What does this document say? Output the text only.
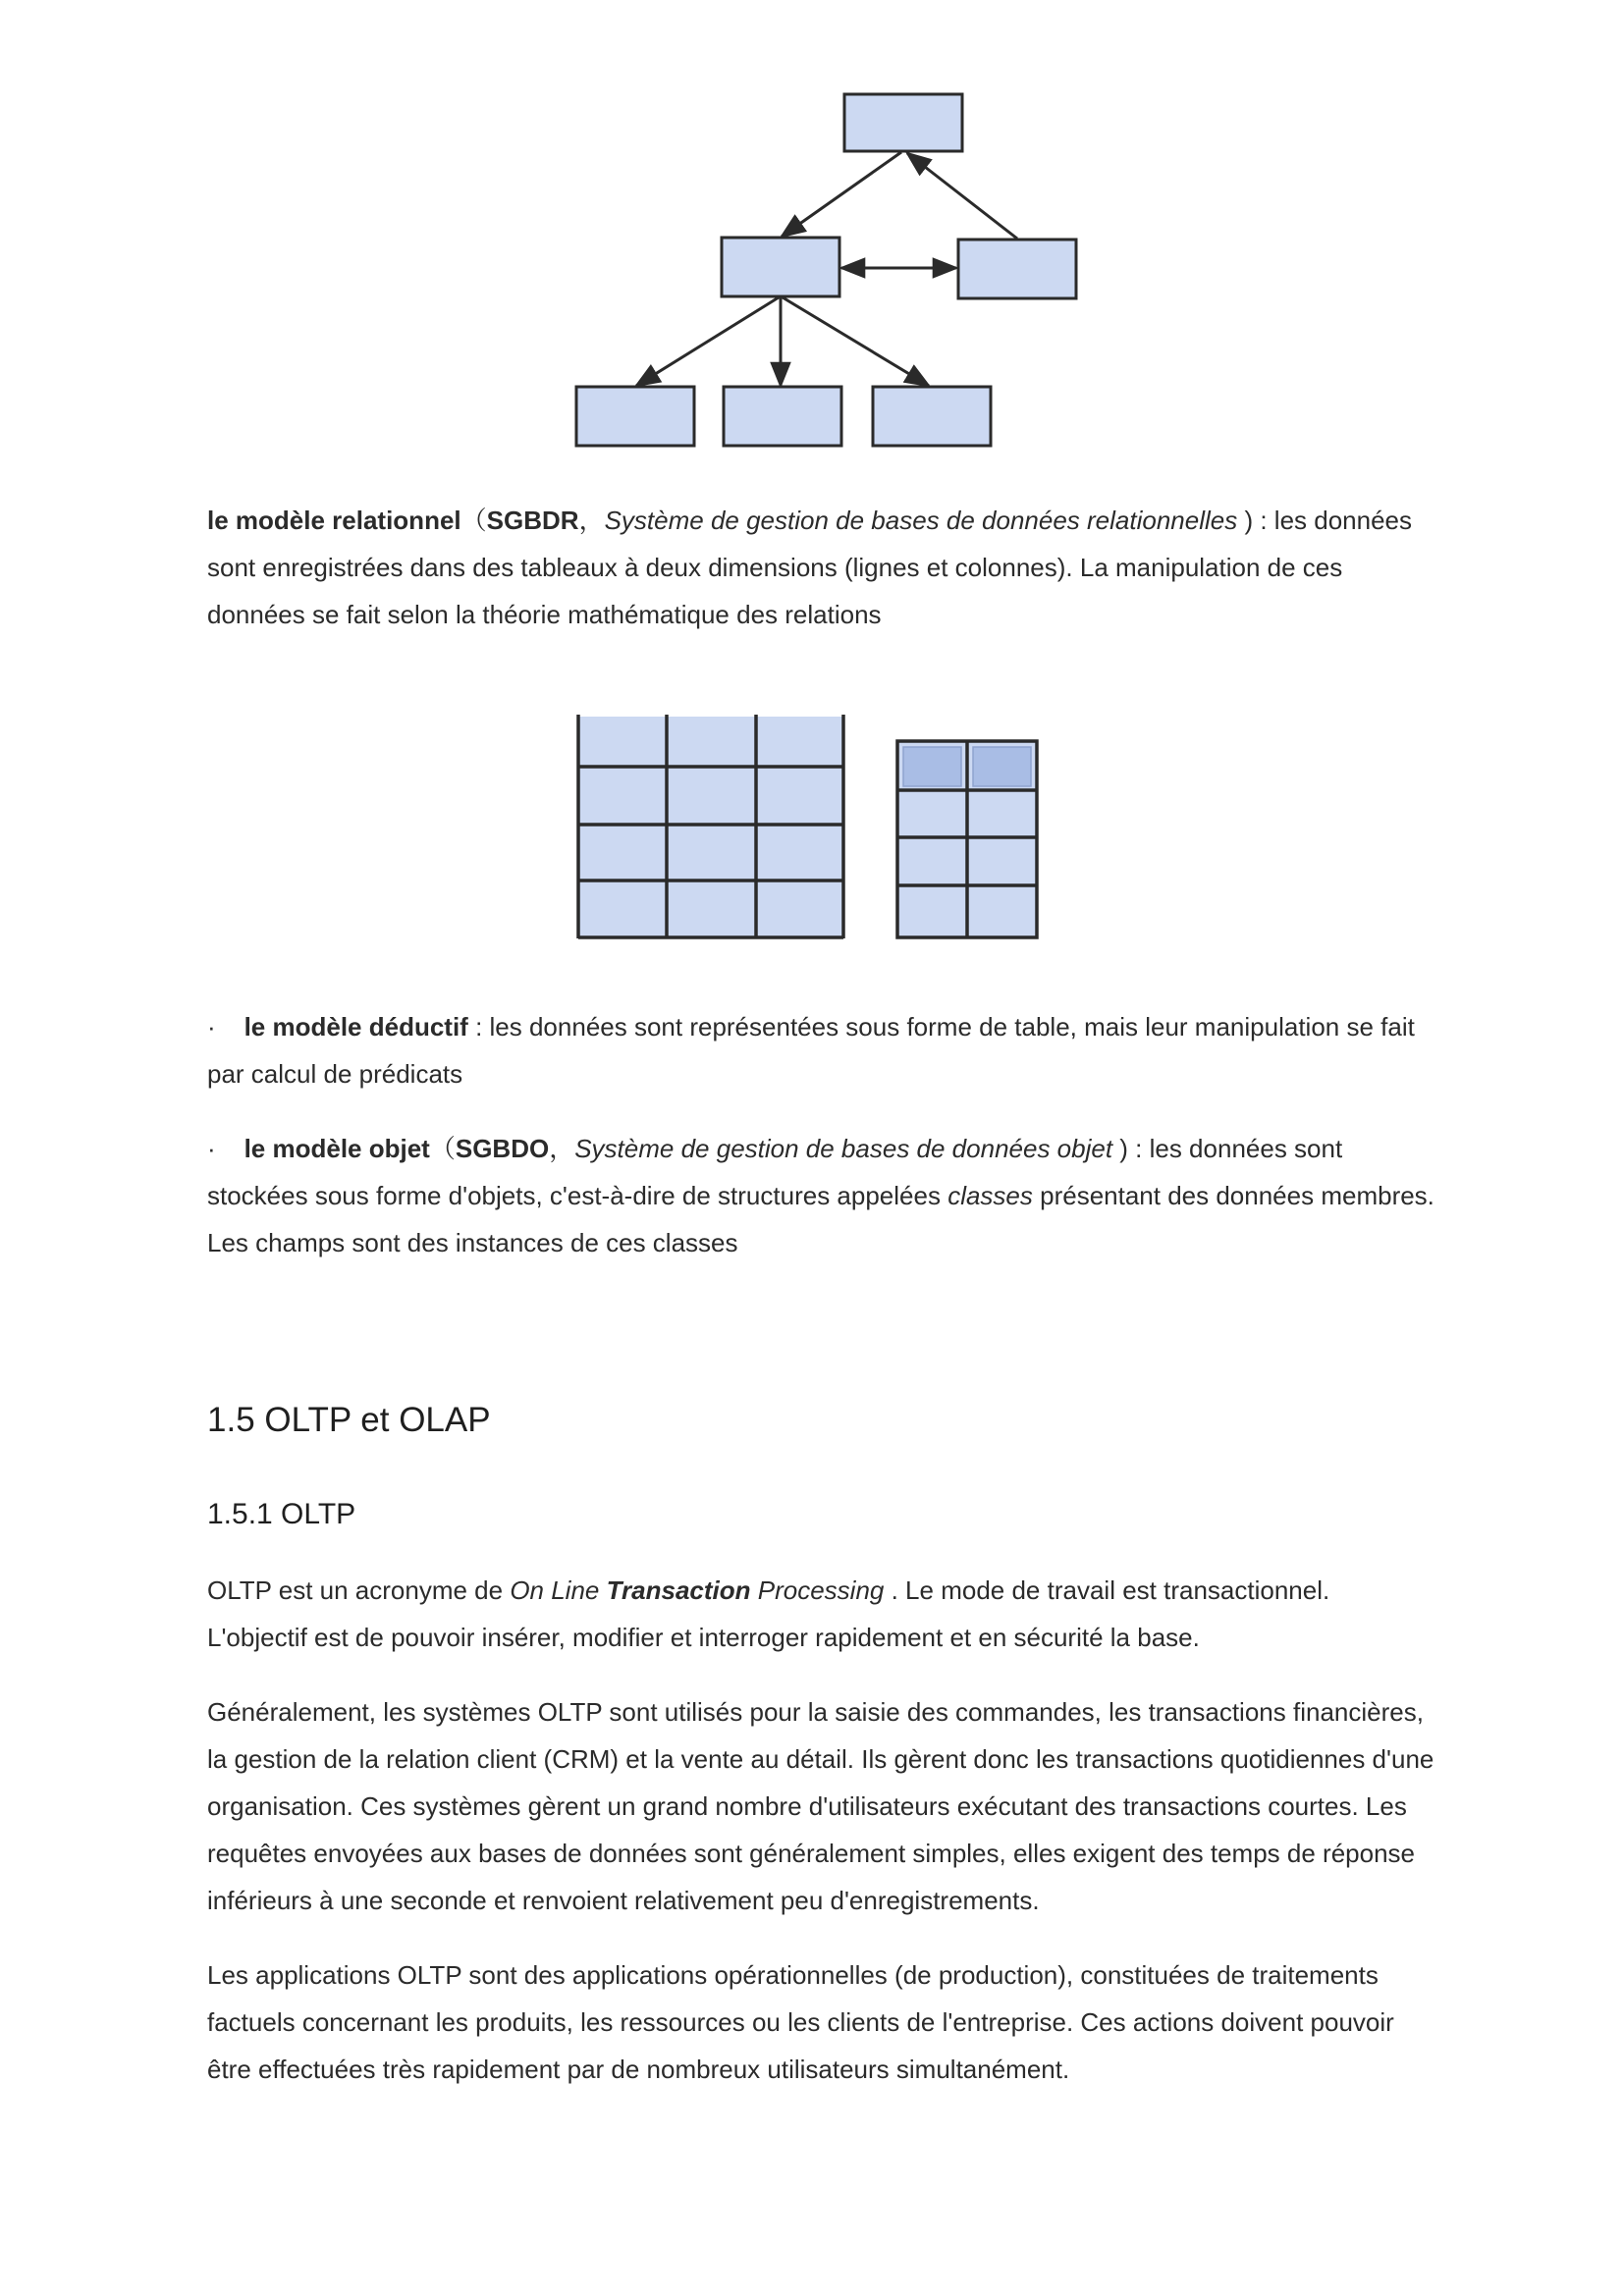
le modèle relationnel（SGBDR，Système de gestion de bases de données relationnelles ) : les données sont enregistrées dans des tableaux à deux dimensions (lignes et colonnes). La manipulation de ces données se fait selon la théorie mathématique des relations

· le modèle déductif : les données sont représentées sous forme de table, mais leur manipulation se fait par calcul de prédicats

· le modèle objet（SGBDO，Système de gestion de bases de données objet ) : les données sont stockées sous forme d'objets, c'est-à-dire de structures appelées classes présentant des données membres. Les champs sont des instances de ces classes

1.5 OLTP et OLAP
1.5.1 OLTP

OLTP est un acronyme de On Line Transaction Processing . Le mode de travail est transactionnel. L'objectif est de pouvoir insérer, modifier et interroger rapidement et en sécurité la base.

Généralement, les systèmes OLTP sont utilisés pour la saisie des commandes, les transactions financières, la gestion de la relation client (CRM) et la vente au détail. Ils gèrent donc les transactions quotidiennes d'une organisation. Ces systèmes gèrent un grand nombre d'utilisateurs exécutant des transactions courtes. Les requêtes envoyées aux bases de données sont généralement simples, elles exigent des temps de réponse inférieurs à une seconde et renvoient relativement peu d'enregistrements.

Les applications OLTP sont des applications opérationnelles (de production), constituées de traitements factuels concernant les produits, les ressources ou les clients de l'entreprise. Ces actions doivent pouvoir être effectuées très rapidement par de nombreux utilisateurs simultanément.
